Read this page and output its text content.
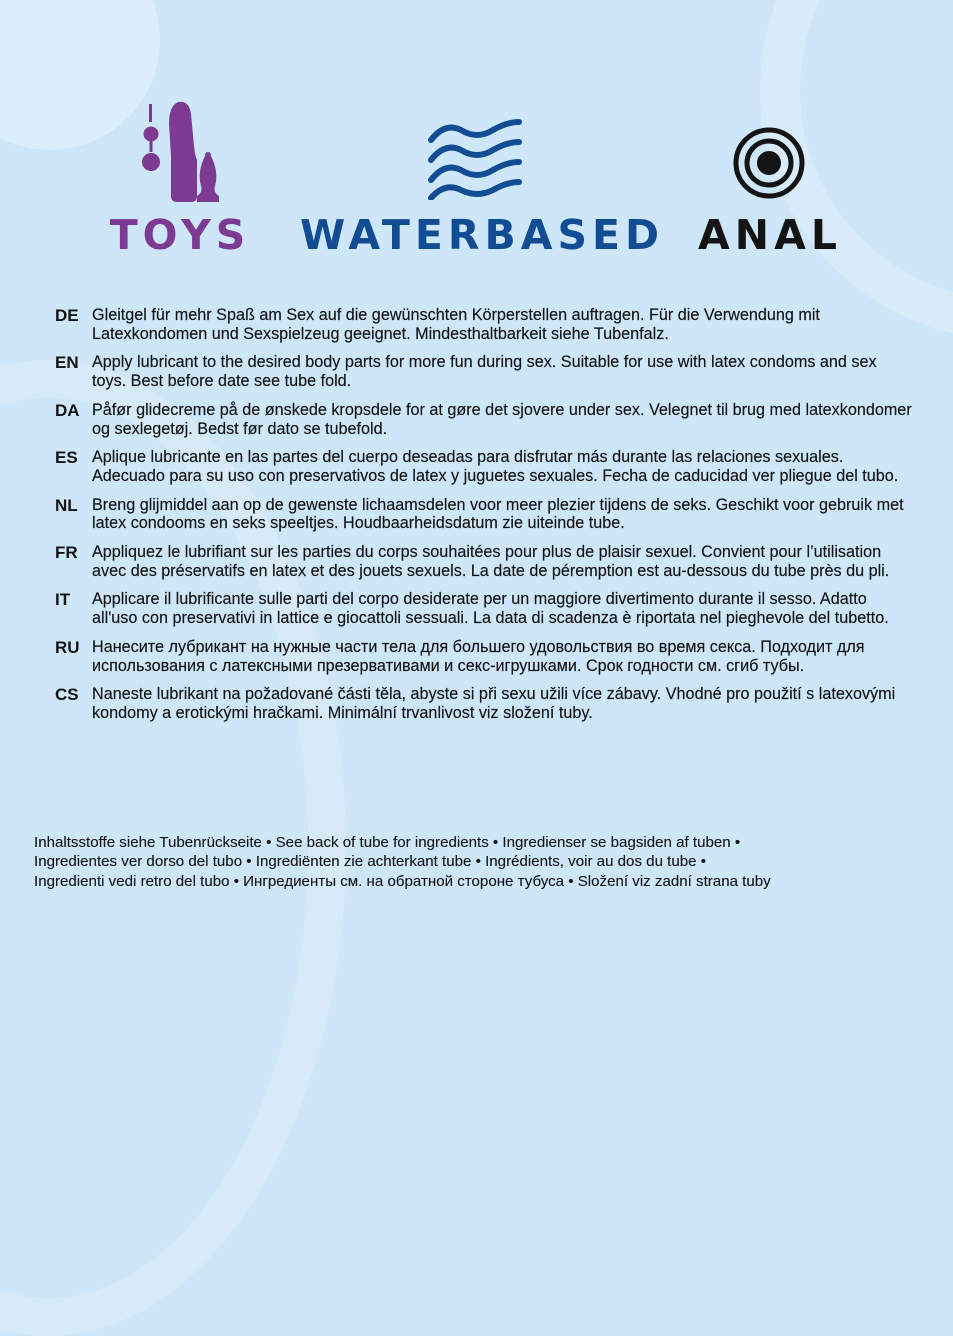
TOYS WATERBASED ANAL
DE Gleitgel für mehr Spaß am Sex auf die gewünschten Körperstellen auftragen. Für die Verwendung mit Latexkondomen und Sexspielzeug geeignet. Mindesthaltbarkeit siehe Tubenfalz.
EN Apply lubricant to the desired body parts for more fun during sex. Suitable for use with latex condoms and sex toys. Best before date see tube fold.
DA Påfør glidecreme på de ønskede kropsdele for at gøre det sjovere under sex. Velegnet til brug med latexkondomer og sexlegetøj. Bedst før dato se tubefold.
ES Aplique lubricante en las partes del cuerpo deseadas para disfrutar más durante las relaciones sexuales. Adecuado para su uso con preservativos de latex y juguetes sexuales. Fecha de caducidad ver pliegue del tubo.
NL Breng glijmiddel aan op de gewenste lichaamsdelen voor meer plezier tijdens de seks. Geschikt voor gebruik met latex condooms en seks speeltjes. Houdbaarheidsdatum zie uiteinde tube.
FR Appliquez le lubrifiant sur les parties du corps souhaitées pour plus de plaisir sexuel. Convient pour l’utilisation avec des préservatifs en latex et des jouets sexuels. La date de péremption est au-dessous du tube près du pli.
IT Applicare il lubrificante sulle parti del corpo desiderate per un maggiore divertimento durante il sesso. Adatto all'uso con preservativi in lattice e giocattoli sessuali. La data di scadenza è riportata nel pieghevole del tubetto.
RU Нанесите лубрикант на нужные части тела для большего удовольствия во время секса. Подходит для использования с латексными презервативами и секс-игрушками. Срок годности см. сгиб тубы.
CS Naneste lubrikant na požadované části těla, abyste si při sexu užili více zábavy. Vhodné pro použití s latexovými kondomy a erotickými hračkami. Minimální trvanlivost viz složení tuby.
Inhaltsstoffe siehe Tubenrückseite • See back of tube for ingredients • Ingredienser se bagsiden af tuben •
Ingredientes ver dorso del tubo • Ingrediënten zie achterkant tube • Ingrédients, voir au dos du tube •
Ingredienti vedi retro del tubo • Ингредиенты см. на обратной стороне тубуса • Složení viz zadní strana tuby
